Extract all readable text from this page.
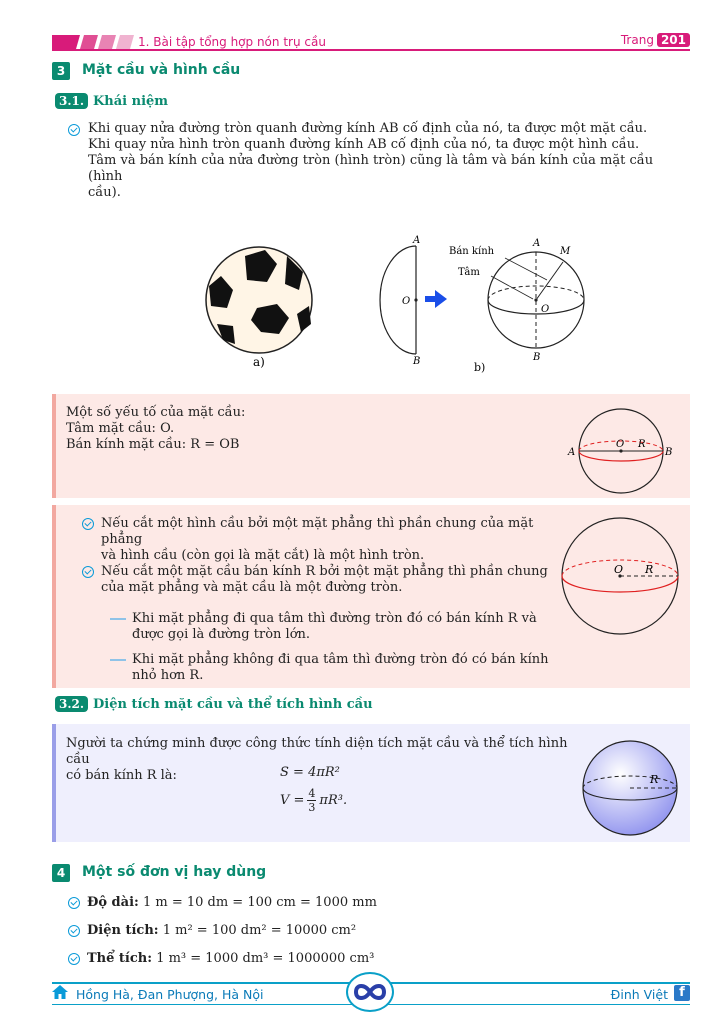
1. Bài tập tổng hợp nón trụ cầu	Trang 201
3	Mặt cầu và hình cầu
3.1. Khái niệm
Khi quay nửa đường tròn quanh đường kính AB cố định của nó, ta được một mặt cầu.
Khi quay nửa hình tròn quanh đường kính AB cố định của nó, ta được một hình cầu.
Tâm và bán kính của nửa đường tròn (hình tròn) cũng là tâm và bán kính của mặt cầu (hình
cầu).
a)
A
B
O
A
B
O
M
Bán kính
Tâm
b)
Một số yếu tố của mặt cầu:
Tâm mặt cầu: O.
Bán kính mặt cầu: R = OB
A	B
O R
Nếu cắt một hình cầu bởi một mặt phẳng thì phần chung của mặt phẳng
và hình cầu (còn gọi là mặt cắt) là một hình tròn.
Nếu cắt một mặt cầu bán kính R bởi một mặt phẳng thì phần chung
của mặt phẳng và mặt cầu là một đường tròn.
Khi mặt phẳng đi qua tâm thì đường tròn đó có bán kính R và
được gọi là đường tròn lớn.
Khi mặt phẳng không đi qua tâm thì đường tròn đó có bán kính
nhỏ hơn R.
O R
3.2. Diện tích mặt cầu và thể tích hình cầu
Người ta chứng minh được công thức tính diện tích mặt cầu và thể tích hình cầu
có bán kính R là:	S = 4πR²
$V = \frac{4}{3} \pi R^3$.
R
4	Một số đơn vị hay dùng
Độ dài: 1 m = 10 dm = 100 cm = 1000 mm
Diện tích: 1 m² = 100 dm² = 10000 cm²
Thể tích: 1 m³ = 1000 dm³ = 1000000 cm³
Hồng Hà, Đan Phượng, Hà Nội	Đinh Việt f
